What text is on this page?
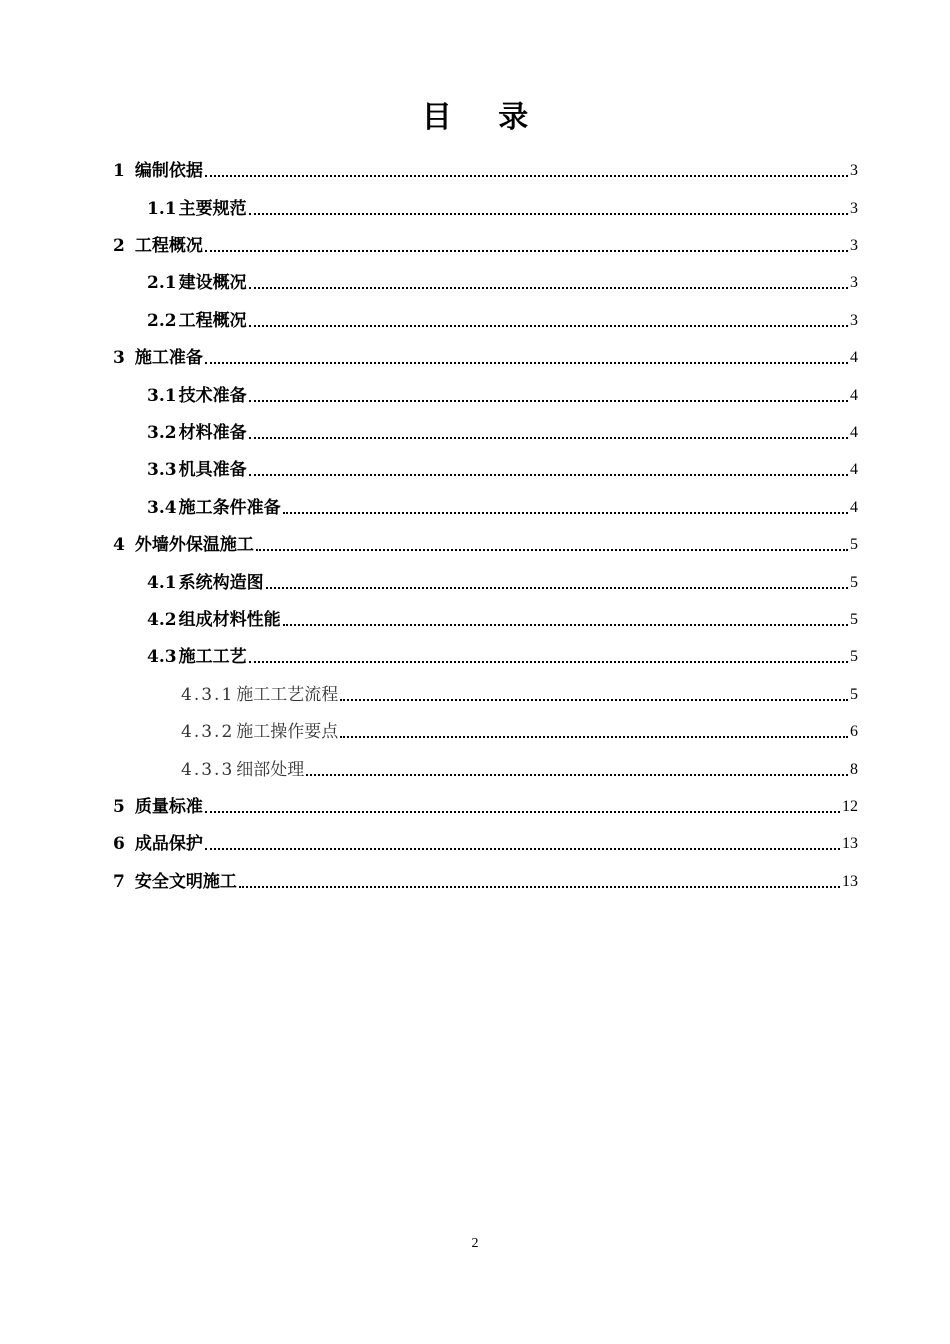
目 录
1 编制依据	3
1.1 主要规范	3
2 工程概况	3
2.1 建设概况	3
2.2 工程概况	3
3 施工准备	4
3.1 技术准备	4
3.2 材料准备	4
3.3 机具准备	4
3.4 施工条件准备	4
4 外墙外保温施工	5
4.1 系统构造图	5
4.2 组成材料性能	5
4.3 施工工艺	5
4.3.1 施工工艺流程	5
4.3.2 施工操作要点	6
4.3.3 细部处理	8
5 质量标准	12
6 成品保护	13
7 安全文明施工	13
2
